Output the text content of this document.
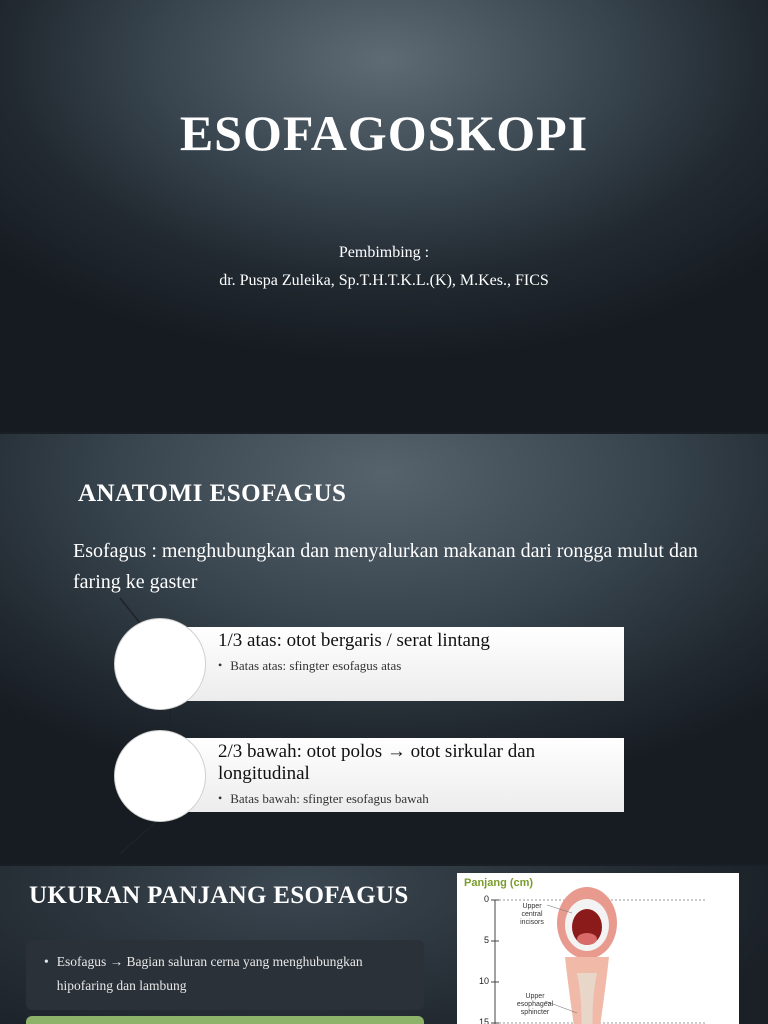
ESOFAGOSKOPI
Pembimbing :
dr. Puspa Zuleika, Sp.T.H.T.K.L.(K), M.Kes., FICS
ANATOMI ESOFAGUS
Esofagus : menghubungkan dan menyalurkan makanan dari rongga mulut dan faring ke gaster
1/3 atas: otot bergaris / serat lintang
• Batas atas: sfingter esofagus atas
2/3 bawah: otot polos → otot sirkular dan longitudinal
• Batas bawah: sfingter esofagus bawah
UKURAN PANJANG ESOFAGUS
• Esofagus → Bagian saluran cerna yang menghubungkan hipofaring dan lambung
Panjang (cm)
0
5
10
15
Upper central incisors
Upper esophageal sphincter
